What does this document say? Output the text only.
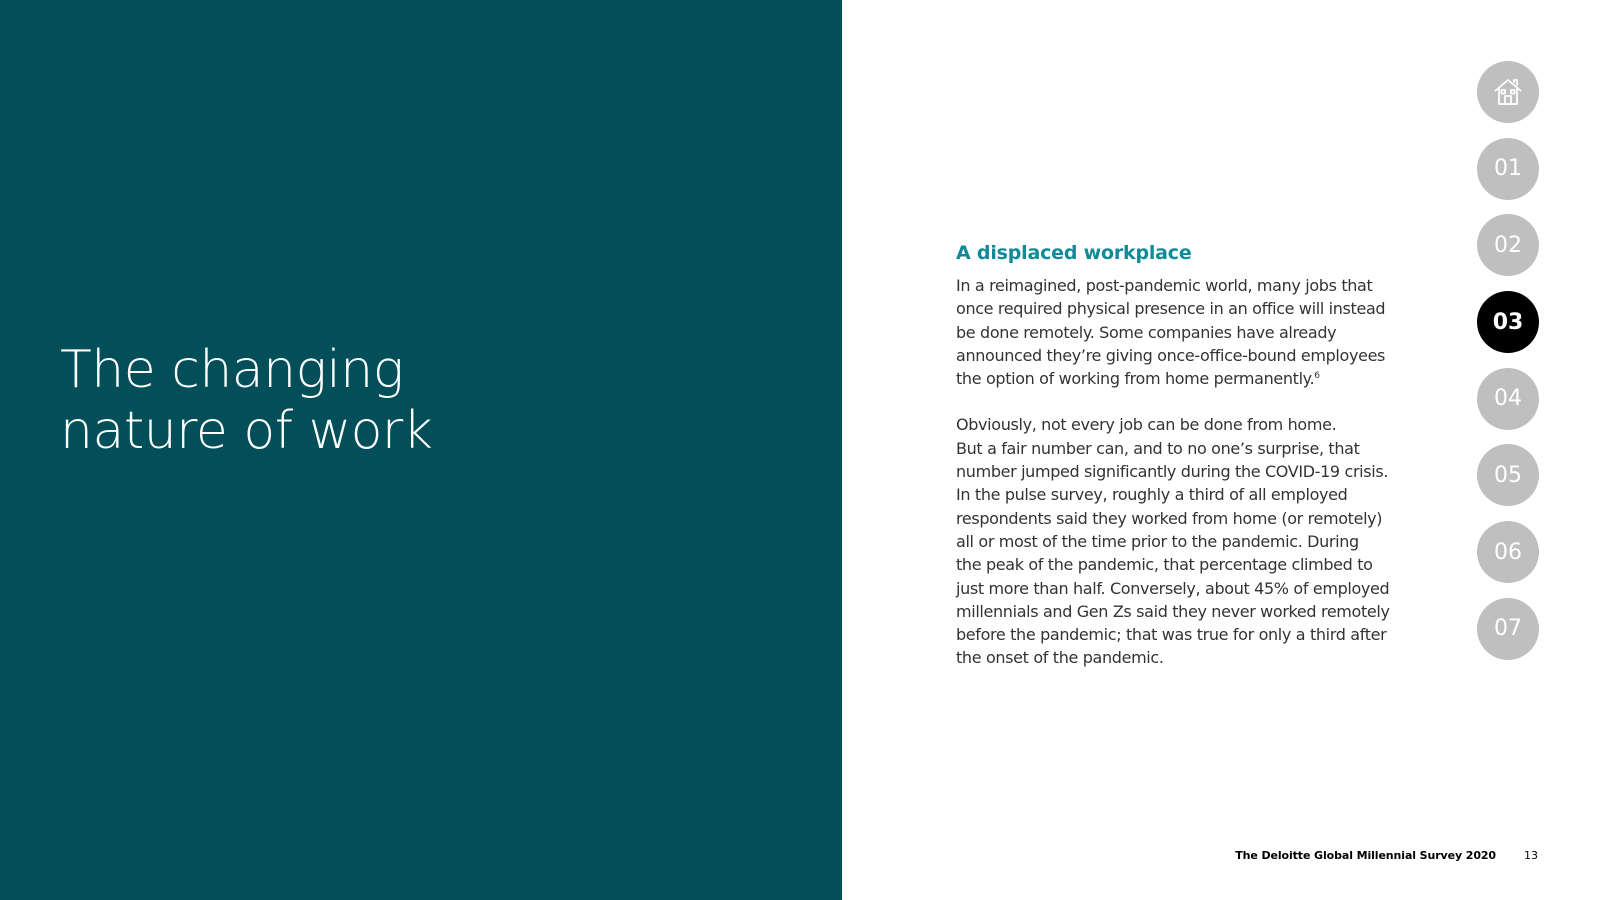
The changing
nature of work
A displaced workplace

In a reimagined, post-pandemic world, many jobs that
once required physical presence in an office will instead
be done remotely. Some companies have already
announced they’re giving once-office-bound employees
the option of working from home permanently.$^6$

Obviously, not every job can be done from home.
But a fair number can, and to no one’s surprise, that
number jumped significantly during the COVID-19 crisis.
In the pulse survey, roughly a third of all employed
respondents said they worked from home (or remotely)
all or most of the time prior to the pandemic. During
the peak of the pandemic, that percentage climbed to
just more than half. Conversely, about 45% of employed
millennials and Gen Zs said they never worked remotely
before the pandemic; that was true for only a third after
the onset of the pandemic.

01
02
03
04
05
06
07
The Deloitte Global Millennial Survey 2020	13
